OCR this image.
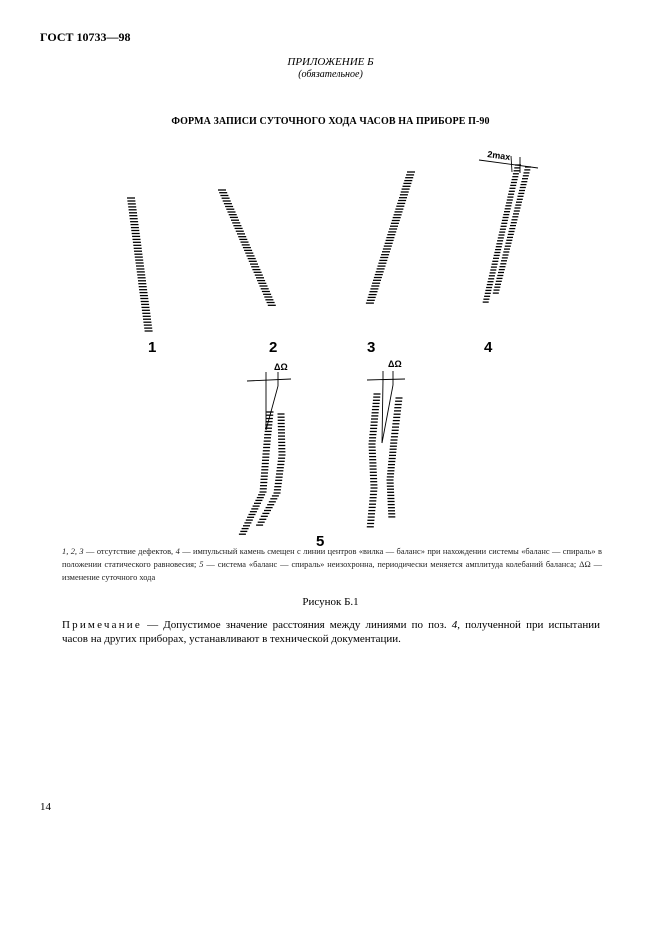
ГОСТ 10733—98
ПРИЛОЖЕНИЕ Б
(обязательное)
ФОРМА ЗАПИСИ СУТОЧНОГО ХОДА ЧАСОВ НА ПРИБОРЕ П-90
1	2	3	4
5
2max
ΔΩ	ΔΩ
1, 2, 3 — отсутствие дефектов, 4 — импульсный камень смещен с линии центров «вилка — баланс» при нахождении системы «баланс — спираль» в положении статического равновесия; 5 — система «баланс — спираль» неизохронна, периодически меняется амплитуда колебаний баланса; ΔΩ — изменение суточного хода
Рисунок Б.1
Примечание — Допустимое значение расстояния между линиями по поз. 4, полученной при испытании часов на других приборах, устанавливают в технической документации.
14
